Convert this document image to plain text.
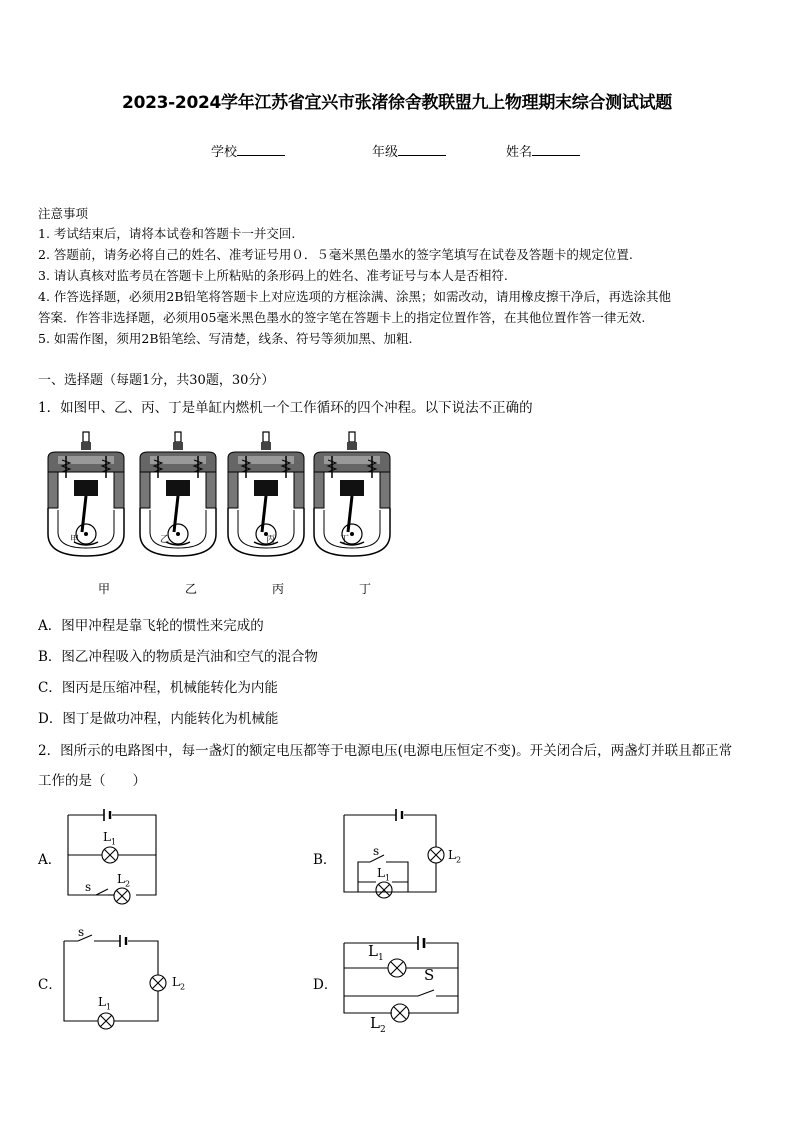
2023-2024学年江苏省宜兴市张渚徐舍教联盟九上物理期末综合测试试题
学校	年级	姓名
注意事项
1. 考试结束后，请将本试卷和答题卡一并交回.
2. 答题前，请务必将自己的姓名、准考证号用０．５毫米黑色墨水的签字笔填写在试卷及答题卡的规定位置.
3. 请认真核对监考员在答题卡上所粘贴的条形码上的姓名、准考证号与本人是否相符.
4. 作答选择题，必须用2B铅笔将答题卡上对应选项的方框涂满、涂黑；如需改动，请用橡皮擦干净后，再选涂其他
答案．作答非选择题，必须用05毫米黑色墨水的签字笔在答题卡上的指定位置作答，在其他位置作答一律无效.
5. 如需作图，须用2B铅笔绘、写清楚，线条、符号等须加黑、加粗.
一、选择题（每题1分，共30题，30分）
1．如图甲、乙、丙、丁是单缸内燃机一个工作循环的四个冲程。以下说法不正确的
甲	乙	丙	丁
A．图甲冲程是靠飞轮的惯性来完成的
B．图乙冲程吸入的物质是汽油和空气的混合物
C．图丙是压缩冲程，机械能转化为内能
D．图丁是做功冲程，内能转化为机械能
2．图所示的电路图中，每一盏灯的额定电压都等于电源电压(电源电压恒定不变)。开关闭合后，两盏灯并联且都正常
工作的是（　　）
A．	B．
C．	D．
$L_1$
s
$L_2$
s	$L_2$
$L_1$
s
$L_2$
$L_1$
$L_1$
S
$L_2$
甲	乙	丙	丁
